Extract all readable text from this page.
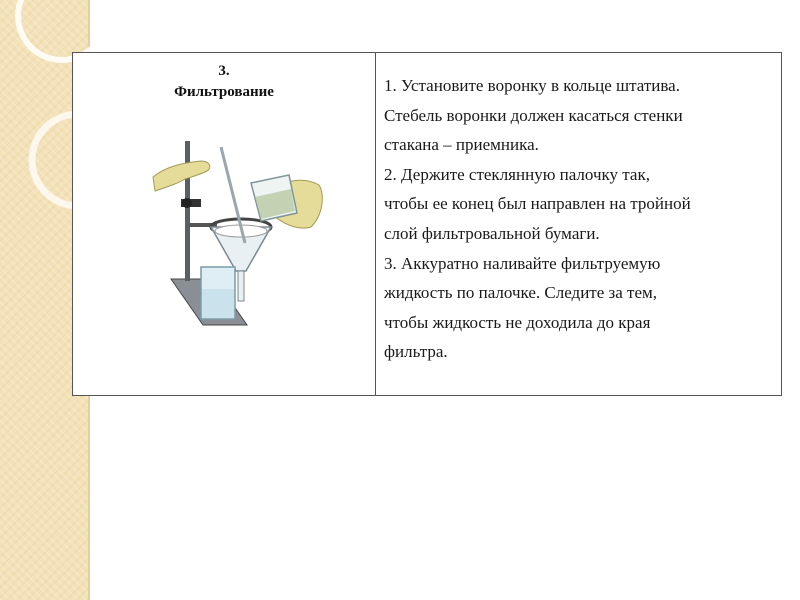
3.
Фильтрование	1. Установите воронку в кольце штатива.
Стебель воронки должен касаться стенки
стакана – приемника.
2. Держите стеклянную палочку так,
чтобы ее конец был направлен на тройной
слой фильтровальной бумаги.
3. Аккуратно наливайте фильтруемую
жидкость по палочке. Следите за тем,
чтобы жидкость не доходила до края
фильтра.
